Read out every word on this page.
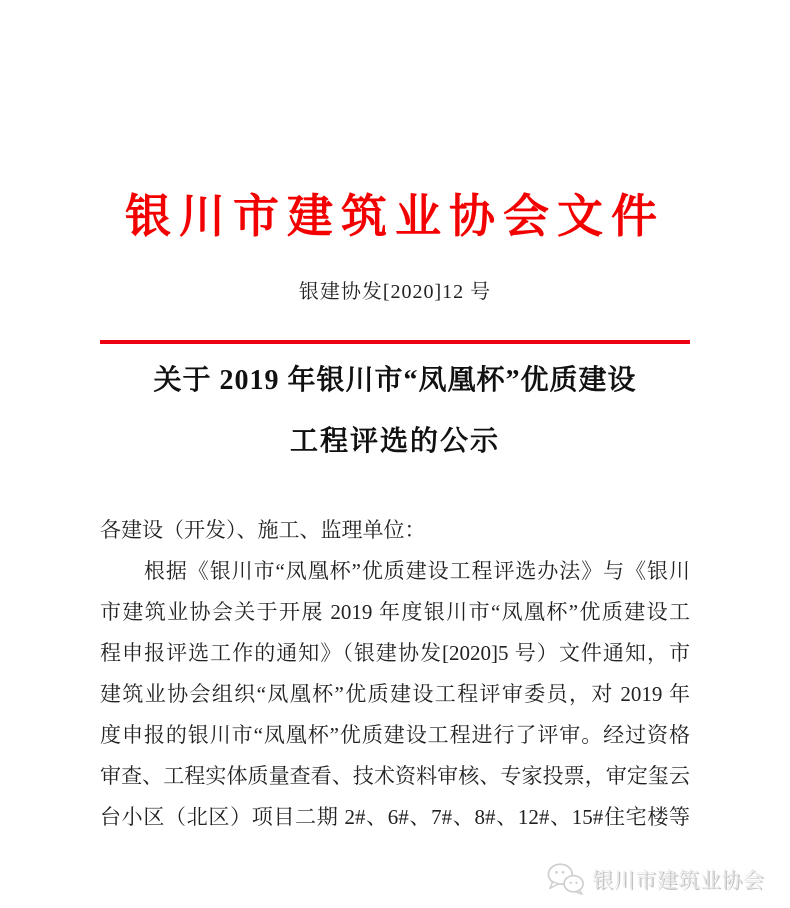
银川市建筑业协会文件
银建协发[2020]12 号
关于 2019 年银川市“凤凰杯”优质建设
工程评选的公示
各建设（开发）、施工、监理单位：
　　根据《银川市“凤凰杯”优质建设工程评选办法》与《银川
市建筑业协会关于开展 2019 年度银川市“凤凰杯”优质建设工
程申报评选工作的通知》（银建协发[2020]5 号）文件通知，市
建筑业协会组织“凤凰杯”优质建设工程评审委员，对 2019 年
度申报的银川市“凤凰杯”优质建设工程进行了评审。经过资格
审查、工程实体质量查看、技术资料审核、专家投票，审定玺云
台小区（北区）项目二期 2#、6#、7#、8#、12#、15#住宅楼等
银川市建筑业协会
